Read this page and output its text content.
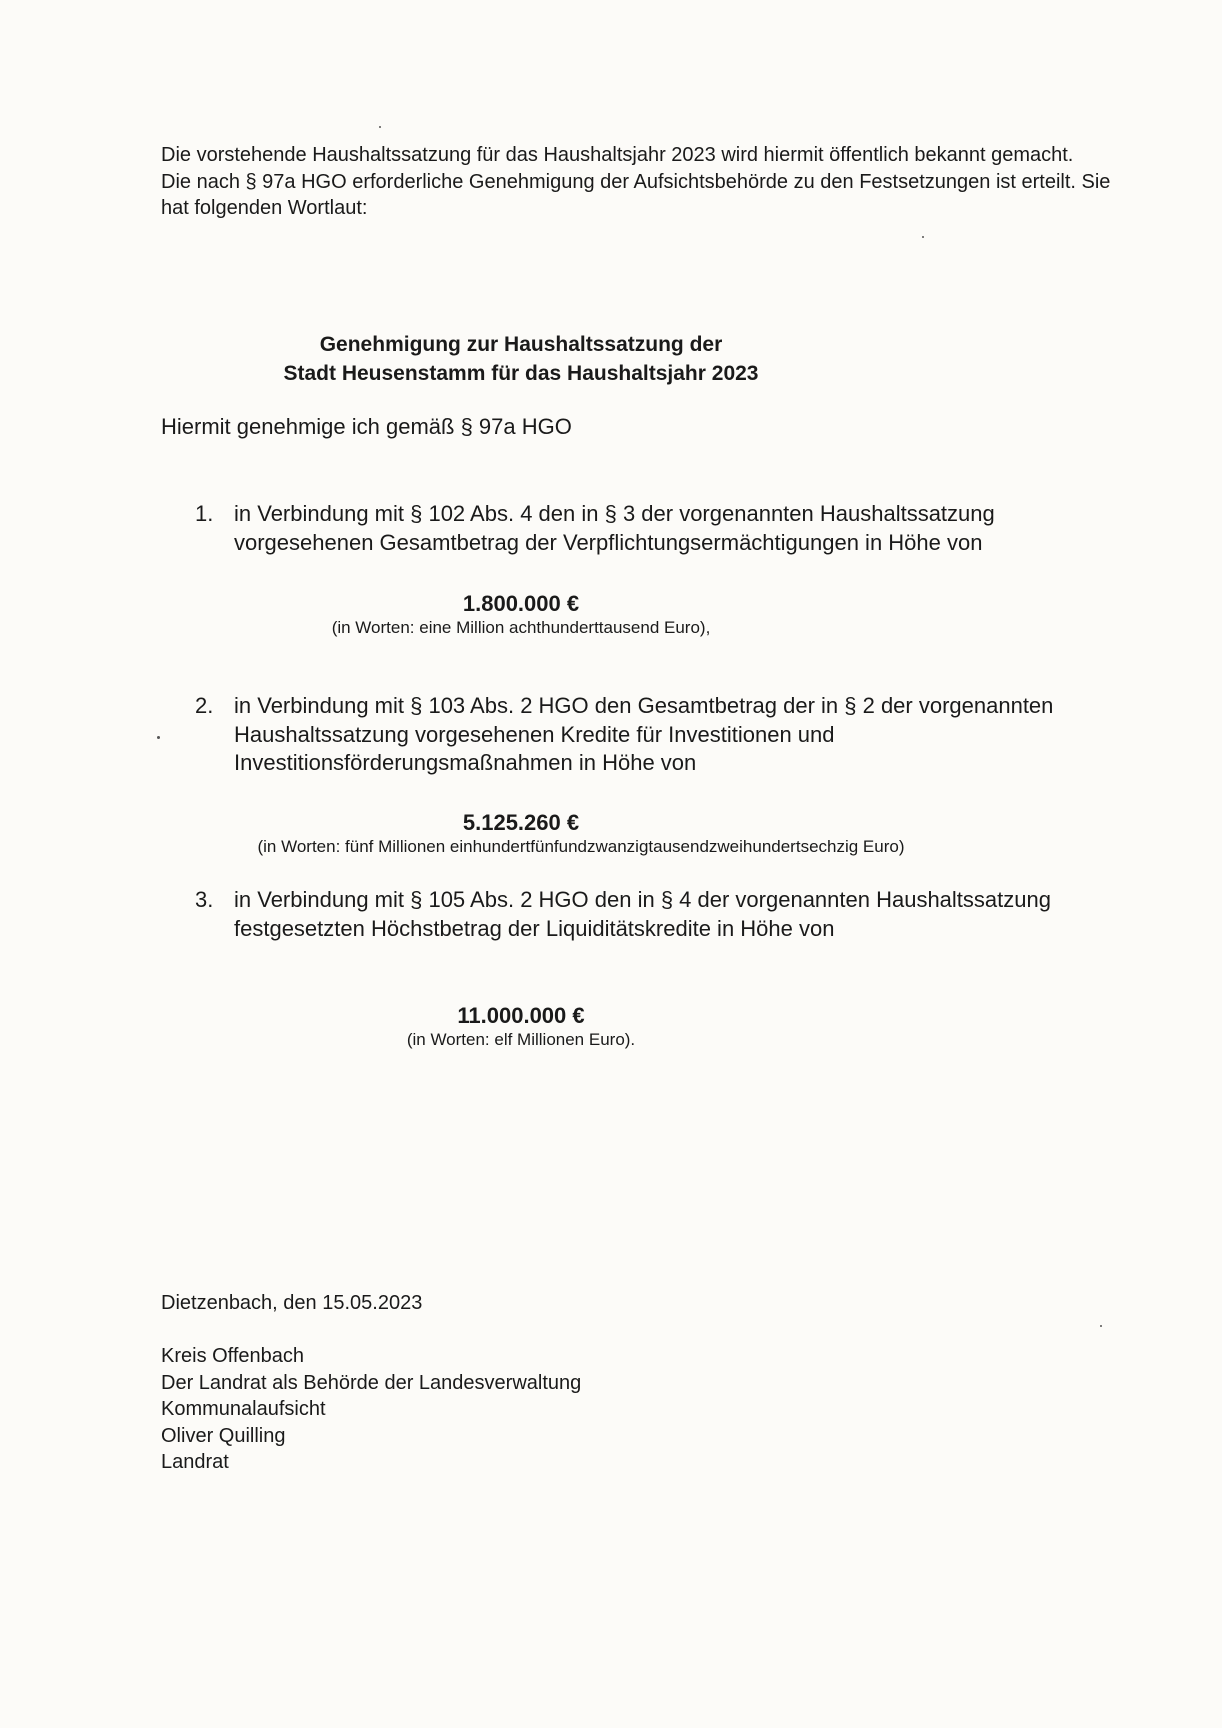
Die vorstehende Haushaltssatzung für das Haushaltsjahr 2023 wird hiermit öffentlich bekannt gemacht.

Die nach § 97a HGO erforderliche Genehmigung der Aufsichtsbehörde zu den Festsetzungen ist erteilt. Sie hat folgenden Wortlaut:

Genehmigung zur Haushaltssatzung der
Stadt Heusenstamm für das Haushaltsjahr 2023
Hiermit genehmige ich gemäß § 97a HGO
1. in Verbindung mit § 102 Abs. 4 den in § 3 der vorgenannten Haushaltssatzung vorgesehenen Gesamtbetrag der Verpflichtungsermächtigungen in Höhe von
1.800.000 €
(in Worten: eine Million achthunderttausend Euro),
2. in Verbindung mit § 103 Abs. 2 HGO den Gesamtbetrag der in § 2 der vorgenannten Haushaltssatzung vorgesehenen Kredite für Investitionen und Investitionsförderungsmaßnahmen in Höhe von
5.125.260 €
(in Worten: fünf Millionen einhundertfünfundzwanzigtausendzweihundertsechzig Euro)
3. in Verbindung mit § 105 Abs. 2 HGO den in § 4 der vorgenannten Haushaltssatzung festgesetzten Höchstbetrag der Liquiditätskredite in Höhe von
11.000.000 €
(in Worten: elf Millionen Euro).
Dietzenbach, den 15.05.2023
Kreis Offenbach
Der Landrat als Behörde der Landesverwaltung
Kommunalaufsicht
Oliver Quilling
Landrat
